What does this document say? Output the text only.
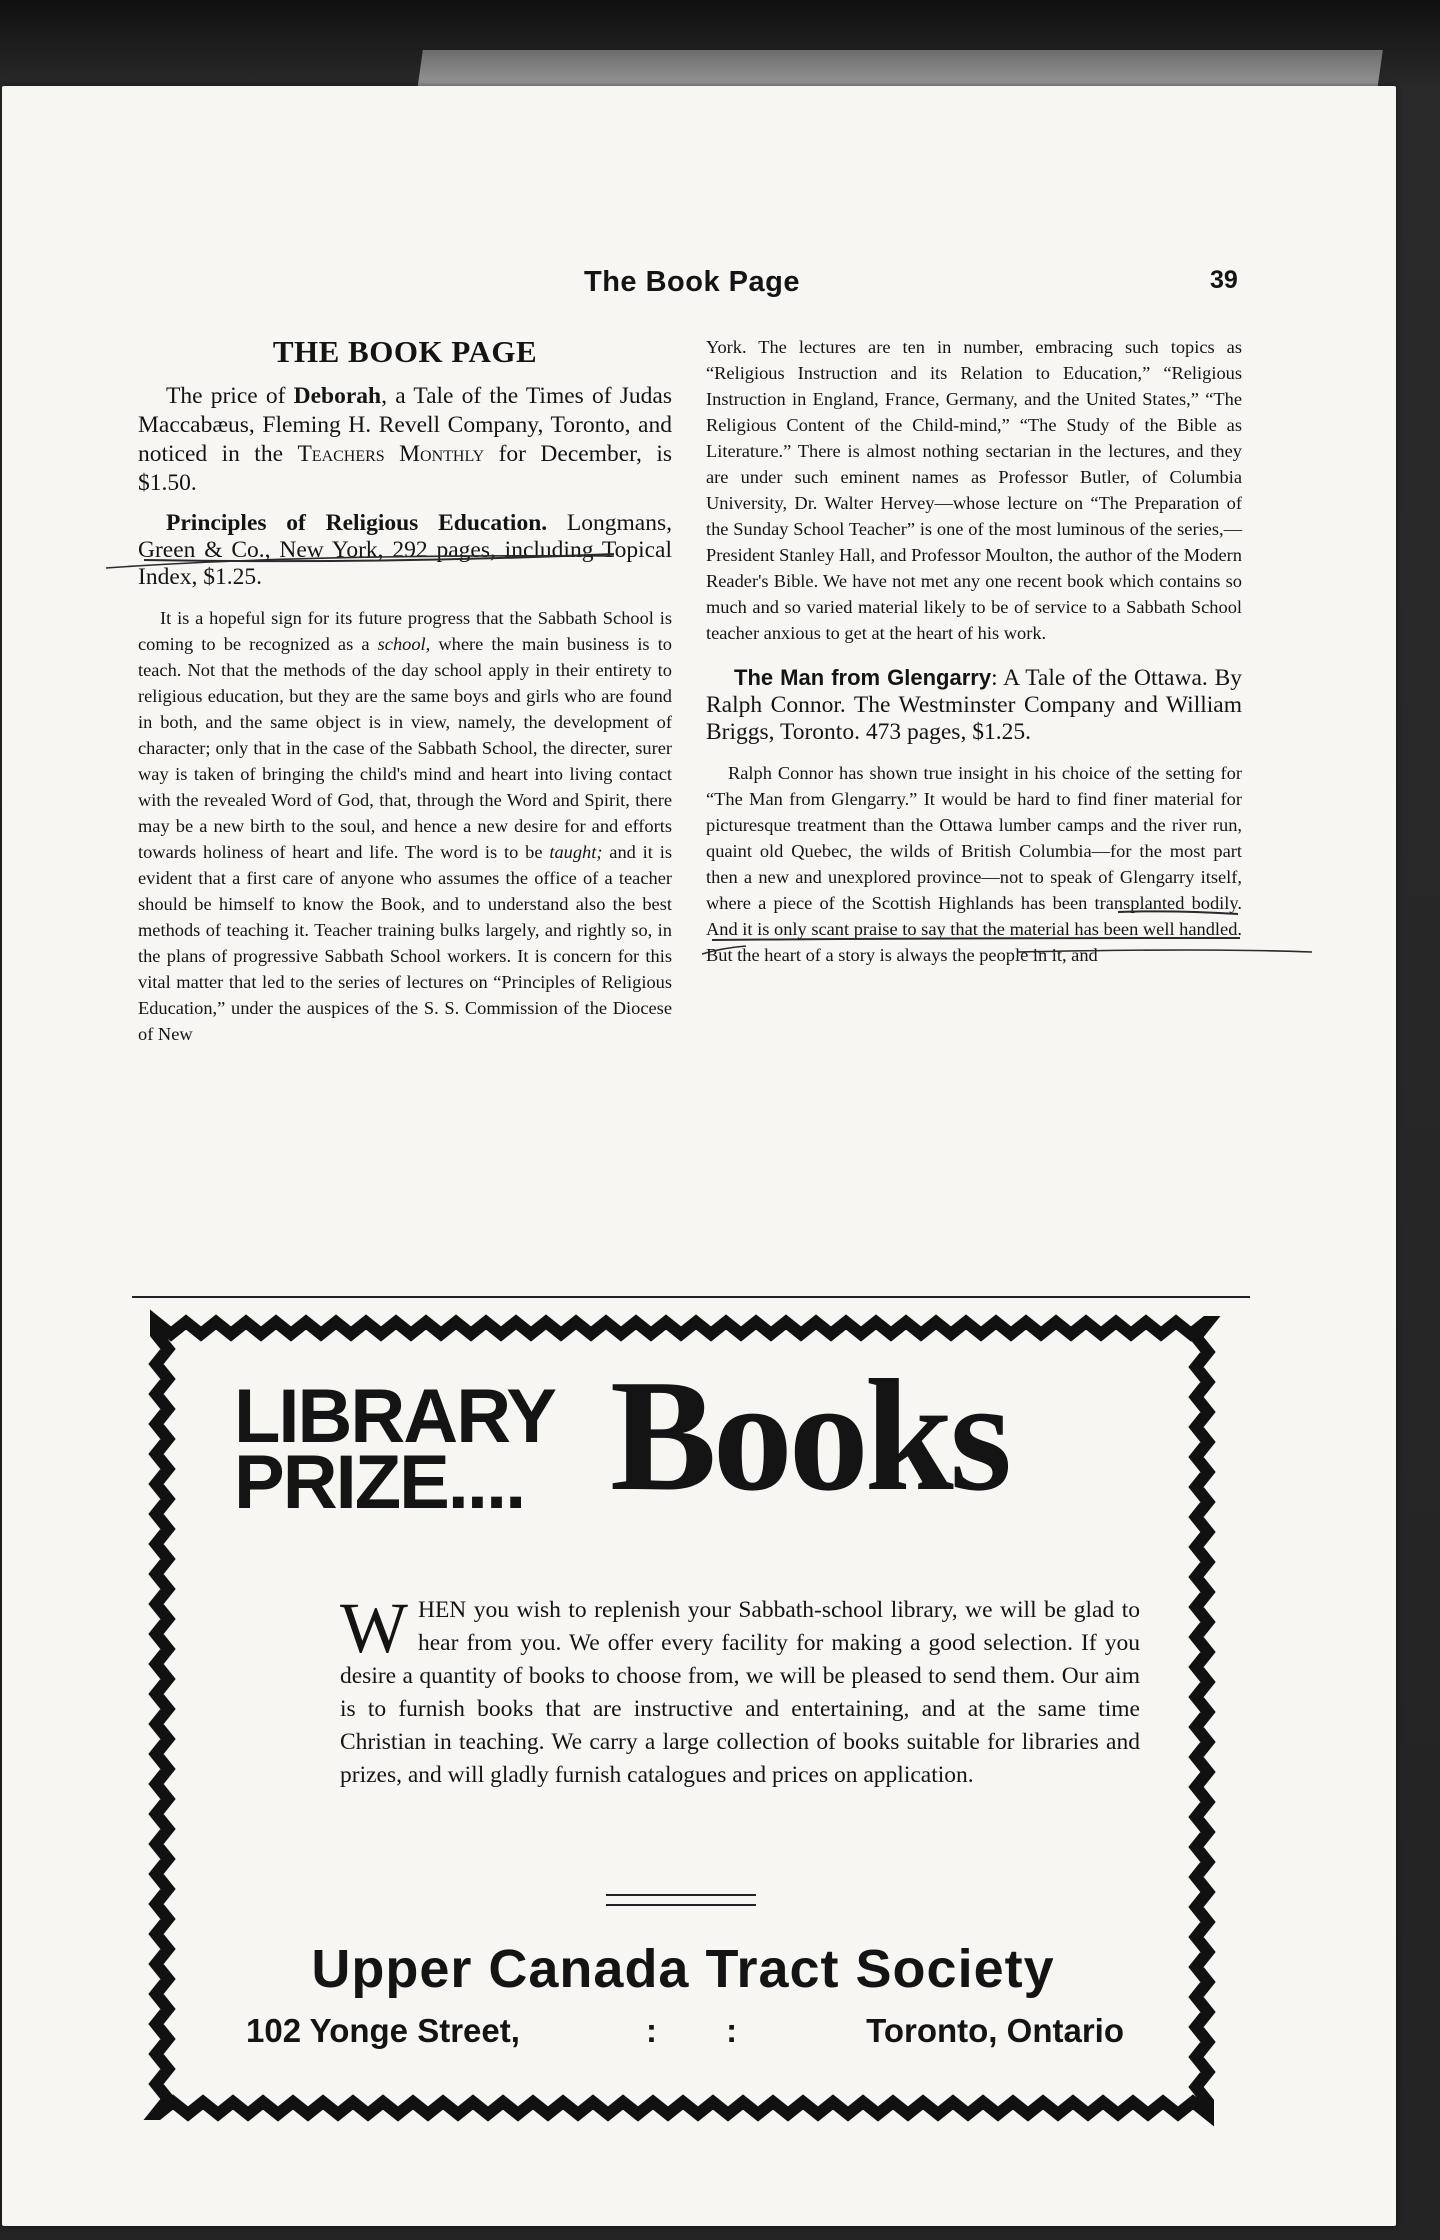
The Book Page	39
THE BOOK PAGE

The price of Deborah, a Tale of the Times of Judas Maccabæus, Fleming H. Revell Company, Toronto, and noticed in the Teachers Monthly for December, is $1.50.

Principles of Religious Education. Longmans, Green & Co., New York, 292 pages, including Topical Index, $1.25.

It is a hopeful sign for its future progress that the Sabbath School is coming to be recognized as a school, where the main business is to teach. Not that the methods of the day school apply in their entirety to religious education, but they are the same boys and girls who are found in both, and the same object is in view, namely, the development of character; only that in the case of the Sabbath School, the directer, surer way is taken of bringing the child's mind and heart into living contact with the revealed Word of God, that, through the Word and Spirit, there may be a new birth to the soul, and hence a new desire for and efforts towards holiness of heart and life. The word is to be taught; and it is evident that a first care of anyone who assumes the office of a teacher should be himself to know the Book, and to understand also the best methods of teaching it. Teacher training bulks largely, and rightly so, in the plans of progressive Sabbath School workers. It is concern for this vital matter that led to the series of lectures on “Principles of Religious Education,” under the auspices of the S. S. Commission of the Diocese of New

York. The lectures are ten in number, embracing such topics as “Religious Instruction and its Relation to Education,” “Religious Instruction in England, France, Germany, and the United States,” “The Religious Content of the Child-mind,” “The Study of the Bible as Literature.” There is almost nothing sectarian in the lectures, and they are under such eminent names as Professor Butler, of Columbia University, Dr. Walter Hervey—whose lecture on “The Preparation of the Sunday School Teacher” is one of the most luminous of the series,—President Stanley Hall, and Professor Moulton, the author of the Modern Reader's Bible. We have not met any one recent book which contains so much and so varied material likely to be of service to a Sabbath School teacher anxious to get at the heart of his work.

The Man from Glengarry: A Tale of the Ottawa. By Ralph Connor. The Westminster Company and William Briggs, Toronto. 473 pages, $1.25.

Ralph Connor has shown true insight in his choice of the setting for “The Man from Glengarry.” It would be hard to find finer material for picturesque treatment than the Ottawa lumber camps and the river run, quaint old Quebec, the wilds of British Columbia—for the most part then a new and unexplored province—not to speak of Glengarry itself, where a piece of the Scottish Highlands has been transplanted bodily. And it is only scant praise to say that the material has been well handled. But the heart of a story is always the people in it, and

LIBRARY
PRIZE.... Books
WHEN you wish to replenish your Sabbath-school library, we will be glad to hear from you. We offer every facility for making a good selection. If you desire a quantity of books to choose from, we will be pleased to send them. Our aim is to furnish books that are instructive and entertaining, and at the same time Christian in teaching. We carry a large collection of books suitable for libraries and prizes, and will gladly furnish catalogues and prices on application.
Upper Canada Tract Society
102 Yonge Street,	: :	Toronto, Ontario
